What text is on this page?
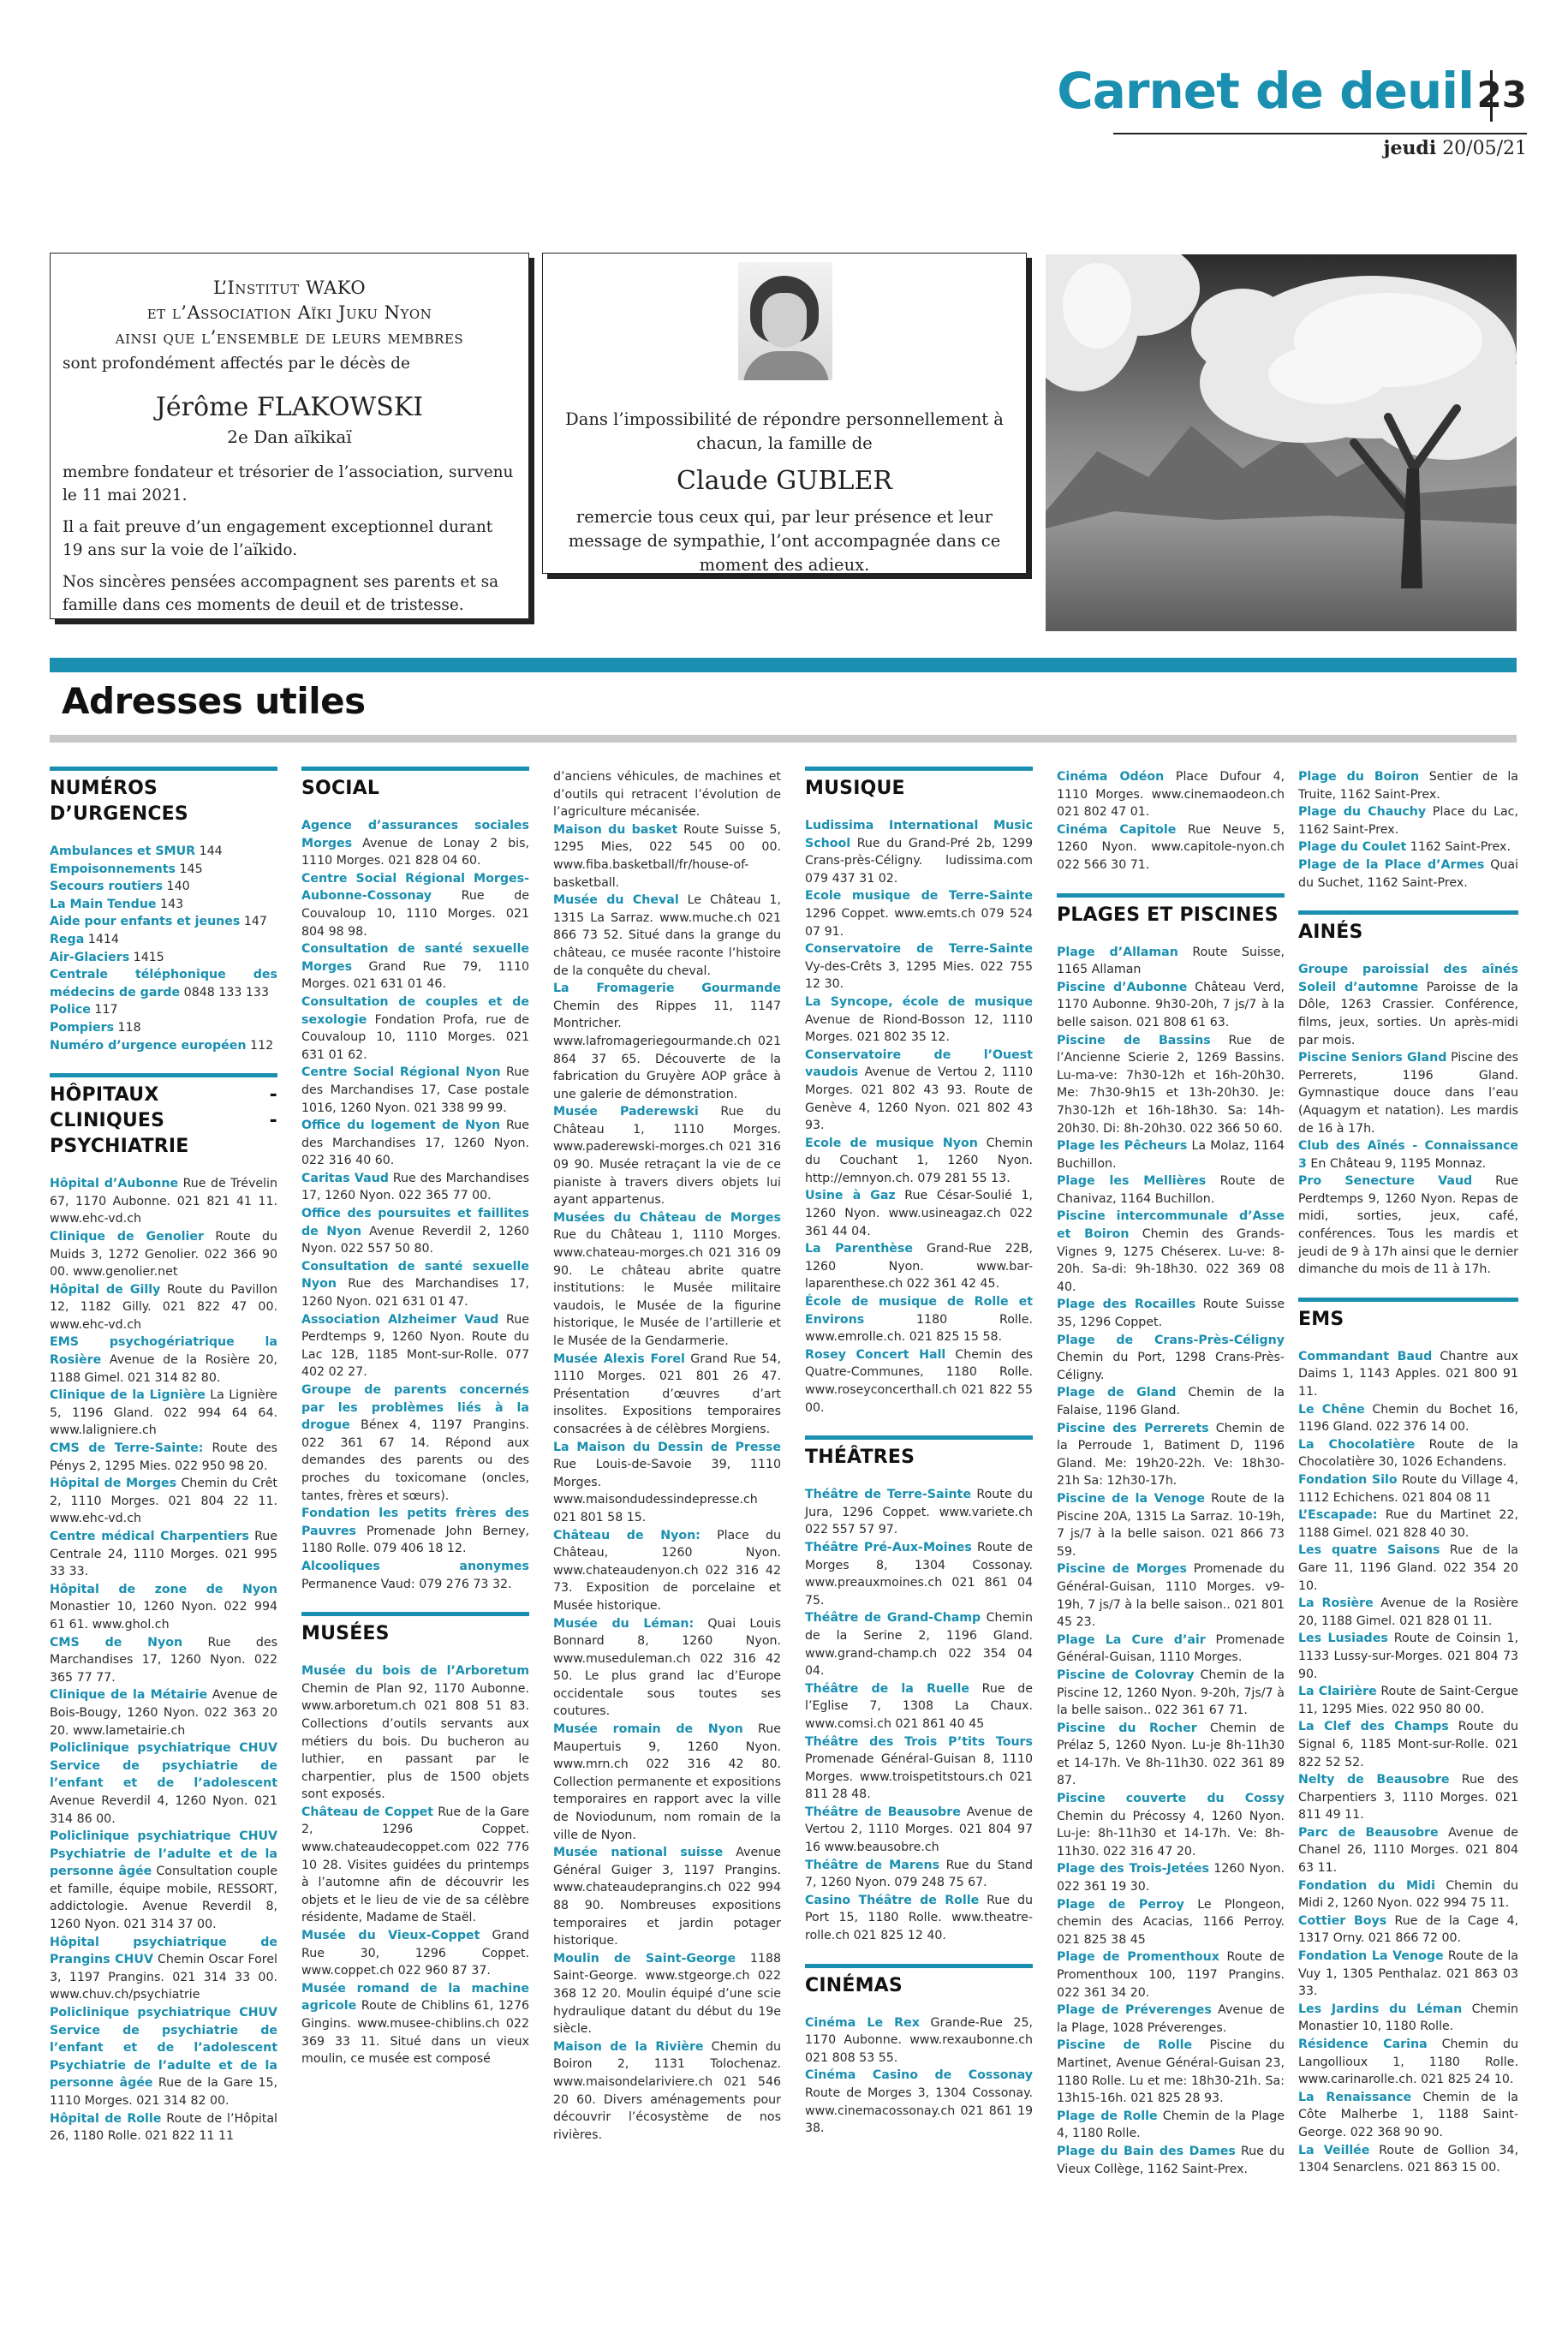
Carnet de deuil 23
jeudi 20/05/21
L’Institut WAKO
et l’Association Aïki Juku Nyon
ainsi que l’ensemble de leurs membres
sont profondément affectés par le décès de
Jérôme FLAKOWSKI
2e Dan aïkikaï

membre fondateur et trésorier de l’association, survenu le 11 mai 2021.

Il a fait preuve d’un engagement exceptionnel durant 19 ans sur la voie de l’aïkido.

Nos sincères pensées accompagnent ses parents et sa famille dans ces moments de deuil et de tristesse.

Dans l’impossibilité de répondre personnellement à chacun, la famille de
Claude GUBLER
remercie tous ceux qui, par leur présence et leur message de sympathie, l’ont accompagnée dans ce moment des adieux.
Adresses utiles
NUMÉROS D’URGENCES

Ambulances et SMUR 144

Empoisonnements 145

Secours routiers 140

La Main Tendue 143

Aide pour enfants et jeunes 147

Rega 1414

Air-Glaciers 1415

Centrale téléphonique des médecins de garde 0848 133 133

Police 117

Pompiers 118

Numéro d’urgence européen 112

HÔPITAUX - CLINIQUES - PSYCHIATRIE

Hôpital d’Aubonne Rue de Trévelin 67, 1170 Aubonne. 021 821 41 11. www.ehc-vd.ch

Clinique de Genolier Route du Muids 3, 1272 Genolier. 022 366 90 00. www.genolier.net

Hôpital de Gilly Route du Pavillon 12, 1182 Gilly. 021 822 47 00. www.ehc-vd.ch

EMS psychogériatrique la Rosière Avenue de la Rosière 20, 1188 Gimel. 021 314 82 80.

Clinique de la Lignière La Lignière 5, 1196 Gland. 022 994 64 64. www.laligniere.ch

CMS de Terre-Sainte: Route des Pénys 2, 1295 Mies. 022 950 98 20.

Hôpital de Morges Chemin du Crêt 2, 1110 Morges. 021 804 22 11. www.ehc-vd.ch

Centre médical Charpentiers Rue Centrale 24, 1110 Morges. 021 995 33 33.

Hôpital de zone de Nyon Monastier 10, 1260 Nyon. 022 994 61 61. www.ghol.ch

CMS de Nyon Rue des Marchandises 17, 1260 Nyon. 022 365 77 77.

Clinique de la Métairie Avenue de Bois-Bougy, 1260 Nyon. 022 363 20 20. www.lametairie.ch

Policlinique psychiatrique CHUV Service de psychiatrie de l’enfant et de l’adolescent Avenue Reverdil 4, 1260 Nyon. 021 314 86 00.

Policlinique psychiatrique CHUV Psychiatrie de l’adulte et de la personne âgée Consultation couple et famille, équipe mobile, RESSORT, addictologie. Avenue Reverdil 8, 1260 Nyon. 021 314 37 00.

Hôpital psychiatrique de Prangins CHUV Chemin Oscar Forel 3, 1197 Prangins. 021 314 33 00. www.chuv.ch/psychiatrie

Policlinique psychiatrique CHUV Service de psychiatrie de l’enfant et de l’adolescent Psychiatrie de l’adulte et de la personne âgée Rue de la Gare 15, 1110 Morges. 021 314 82 00.

Hôpital de Rolle Route de l’Hôpital 26, 1180 Rolle. 021 822 11 11

SOCIAL

Agence d’assurances sociales Morges Avenue de Lonay 2 bis, 1110 Morges. 021 828 04 60.

Centre Social Régional Morges-Aubonne-Cossonay Rue de Couvaloup 10, 1110 Morges. 021 804 98 98.

Consultation de santé sexuelle Morges Grand Rue 79, 1110 Morges. 021 631 01 46.

Consultation de couples et de sexologie Fondation Profa, rue de Couvaloup 10, 1110 Morges. 021 631 01 62.

Centre Social Régional Nyon Rue des Marchandises 17, Case postale 1016, 1260 Nyon. 021 338 99 99.

Office du logement de Nyon Rue des Marchandises 17, 1260 Nyon. 022 316 40 60.

Caritas Vaud Rue des Marchandises 17, 1260 Nyon. 022 365 77 00.

Office des poursuites et faillites de Nyon Avenue Reverdil 2, 1260 Nyon. 022 557 50 80.

Consultation de santé sexuelle Nyon Rue des Marchandises 17, 1260 Nyon. 021 631 01 47.

Association Alzheimer Vaud Rue Perdtemps 9, 1260 Nyon. Route du Lac 12B, 1185 Mont-sur-Rolle. 077 402 02 27.

Groupe de parents concernés par les problèmes liés à la drogue Bénex 4, 1197 Prangins. 022 361 67 14. Répond aux demandes des parents ou des proches du toxicomane (oncles, tantes, frères et sœurs).

Fondation les petits frères des Pauvres Promenade John Berney, 1180 Rolle. 079 406 18 12.

Alcooliques anonymes Permanence Vaud: 079 276 73 32.

MUSÉES

Musée du bois de l’Arboretum Chemin de Plan 92, 1170 Aubonne. www.arboretum.ch 021 808 51 83. Collections d’outils servants aux métiers du bois. Du bucheron au luthier, en passant par le charpentier, plus de 1500 objets sont exposés.

Château de Coppet Rue de la Gare 2, 1296 Coppet. www.chateaudecoppet.com 022 776 10 28. Visites guidées du printemps à l’automne afin de découvrir les objets et le lieu de vie de sa célèbre résidente, Madame de Staël.

Musée du Vieux-Coppet Grand Rue 30, 1296 Coppet. www.coppet.ch 022 960 87 37.

Musée romand de la machine agricole Route de Chiblins 61, 1276 Gingins. www.musee-chiblins.ch 022 369 33 11. Situé dans un vieux moulin, ce musée est composé

d’anciens véhicules, de machines et d’outils qui retracent l’évolution de l’agriculture mécanisée.

Maison du basket Route Suisse 5, 1295 Mies, 022 545 00 00. www.fiba.basketball/fr/house-of-basketball.

Musée du Cheval Le Château 1, 1315 La Sarraz. www.muche.ch 021 866 73 52. Situé dans la grange du château, ce musée raconte l’histoire de la conquête du cheval.

La Fromagerie Gourmande Chemin des Rippes 11, 1147 Montricher. www.lafromageriegourmande.ch 021 864 37 65. Découverte de la fabrication du Gruyère AOP grâce à une galerie de démonstration.

Musée Paderewski Rue du Château 1, 1110 Morges. www.paderewski-morges.ch 021 316 09 90. Musée retraçant la vie de ce pianiste à travers divers objets lui ayant appartenus.

Musées du Château de Morges Rue du Château 1, 1110 Morges. www.chateau-morges.ch 021 316 09 90. Le château abrite quatre institutions: le Musée militaire vaudois, le Musée de la figurine historique, le Musée de l’artillerie et le Musée de la Gendarmerie.

Musée Alexis Forel Grand Rue 54, 1110 Morges. 021 801 26 47. Présentation d’œuvres d’art insolites. Expositions temporaires consacrées à de célèbres Morgiens.

La Maison du Dessin de Presse Rue Louis-de-Savoie 39, 1110 Morges. www.maisondudessindepresse.ch 021 801 58 15.

Château de Nyon: Place du Château, 1260 Nyon. www.chateaudenyon.ch 022 316 42 73. Exposition de porcelaine et Musée historique.

Musée du Léman: Quai Louis Bonnard 8, 1260 Nyon. www.museduleman.ch 022 316 42 50. Le plus grand lac d’Europe occidentale sous toutes ses coutures.

Musée romain de Nyon Rue Maupertuis 9, 1260 Nyon. www.mrn.ch 022 316 42 80. Collection permanente et expositions temporaires en rapport avec la ville de Noviodunum, nom romain de la ville de Nyon.

Musée national suisse Avenue Général Guiger 3, 1197 Prangins. www.chateaudeprangins.ch 022 994 88 90. Nombreuses expositions temporaires et jardin potager historique.

Moulin de Saint-George 1188 Saint-George. www.stgeorge.ch 022 368 12 20. Moulin équipé d’une scie hydraulique datant du début du 19e siècle.

Maison de la Rivière Chemin du Boiron 2, 1131 Tolochenaz. www.maisondelariviere.ch 021 546 20 60. Divers aménagements pour découvrir l’écosystème de nos rivières.

MUSIQUE

Ludissima International Music School Rue du Grand-Pré 2b, 1299 Crans-près-Céligny. ludissima.com 079 437 31 02.

Ecole musique de Terre-Sainte 1296 Coppet. www.emts.ch 079 524 07 91.

Conservatoire de Terre-Sainte Vy-des-Crêts 3, 1295 Mies. 022 755 12 30.

La Syncope, école de musique Avenue de Riond-Bosson 12, 1110 Morges. 021 802 35 12.

Conservatoire de l’Ouest vaudois Avenue de Vertou 2, 1110 Morges. 021 802 43 93. Route de Genève 4, 1260 Nyon. 021 802 43 93.

Ecole de musique Nyon Chemin du Couchant 1, 1260 Nyon. http://emnyon.ch. 079 281 55 13.

Usine à Gaz Rue César-Soulié 1, 1260 Nyon. www.usineagaz.ch 022 361 44 04.

La Parenthèse Grand-Rue 22B, 1260 Nyon. www.bar-laparenthese.ch 022 361 42 45.

École de musique de Rolle et Environs 1180 Rolle. www.emrolle.ch. 021 825 15 58.

Rosey Concert Hall Chemin des Quatre-Communes, 1180 Rolle. www.roseyconcerthall.ch 021 822 55 00.

THÉÂTRES

Théâtre de Terre-Sainte Route du Jura, 1296 Coppet. www.variete.ch 022 557 57 97.

Théâtre Pré-Aux-Moines Route de Morges 8, 1304 Cossonay. www.preauxmoines.ch 021 861 04 75.

Théâtre de Grand-Champ Chemin de la Serine 2, 1196 Gland. www.grand-champ.ch 022 354 04 04.

Théâtre de la Ruelle Rue de l’Eglise 7, 1308 La Chaux. www.comsi.ch 021 861 40 45

Théâtre des Trois P’tits Tours Promenade Général-Guisan 8, 1110 Morges. www.troispetitstours.ch 021 811 28 48.

Théâtre de Beausobre Avenue de Vertou 2, 1110 Morges. 021 804 97 16 www.beausobre.ch

Théâtre de Marens Rue du Stand 7, 1260 Nyon. 079 248 75 67.

Casino Théâtre de Rolle Rue du Port 15, 1180 Rolle. www.theatre-rolle.ch 021 825 12 40.

CINÉMAS

Cinéma Le Rex Grande-Rue 25, 1170 Aubonne. www.rexaubonne.ch 021 808 53 55.

Cinéma Casino de Cossonay Route de Morges 3, 1304 Cossonay. www.cinemacossonay.ch 021 861 19 38.

Cinéma Odéon Place Dufour 4, 1110 Morges. www.cinemaodeon.ch 021 802 47 01.

Cinéma Capitole Rue Neuve 5, 1260 Nyon. www.capitole-nyon.ch 022 566 30 71.

PLAGES ET PISCINES

Plage d’Allaman Route Suisse, 1165 Allaman

Piscine d’Aubonne Château Verd, 1170 Aubonne. 9h30-20h, 7 js/7 à la belle saison. 021 808 61 63.

Piscine de Bassins Rue de l’Ancienne Scierie 2, 1269 Bassins. Lu-ma-ve: 7h30-12h et 16h-20h30. Me: 7h30-9h15 et 13h-20h30. Je: 7h30-12h et 16h-18h30. Sa: 14h-20h30. Di: 8h-20h30. 022 366 50 60.

Plage les Pêcheurs La Molaz, 1164 Buchillon.

Plage les Mellières Route de Chanivaz, 1164 Buchillon.

Piscine intercommunale d’Asse et Boiron Chemin des Grands-Vignes 9, 1275 Chéserex. Lu-ve: 8-20h. Sa-di: 9h-18h30. 022 369 08 40.

Plage des Rocailles Route Suisse 35, 1296 Coppet.

Plage de Crans-Près-Céligny Chemin du Port, 1298 Crans-Près-Céligny.

Plage de Gland Chemin de la Falaise, 1196 Gland.

Piscine des Perrerets Chemin de la Perroude 1, Batiment D, 1196 Gland. Me: 19h20-22h. Ve: 18h30-21h Sa: 12h30-17h.

Piscine de la Venoge Route de la Piscine 20A, 1315 La Sarraz. 10-19h, 7 js/7 à la belle saison. 021 866 73 59.

Piscine de Morges Promenade du Général-Guisan, 1110 Morges. v9-19h, 7 js/7 à la belle saison.. 021 801 45 23.

Plage La Cure d’air Promenade Général-Guisan, 1110 Morges.

Piscine de Colovray Chemin de la Piscine 12, 1260 Nyon. 9-20h, 7js/7 à la belle saison.. 022 361 67 71.

Piscine du Rocher Chemin de Prélaz 5, 1260 Nyon. Lu-je 8h-11h30 et 14-17h. Ve 8h-11h30. 022 361 89 87.

Piscine couverte du Cossy Chemin du Précossy 4, 1260 Nyon. Lu-je: 8h-11h30 et 14-17h. Ve: 8h-11h30. 022 316 47 20.

Plage des Trois-Jetées 1260 Nyon. 022 361 19 30.

Plage de Perroy Le Plongeon, chemin des Acacias, 1166 Perroy. 021 825 38 45

Plage de Promenthoux Route de Promenthoux 100, 1197 Prangins. 022 361 34 20.

Plage de Préverenges Avenue de la Plage, 1028 Préverenges.

Piscine de Rolle Piscine du Martinet, Avenue Général-Guisan 23, 1180 Rolle. Lu et me: 18h30-21h. Sa: 13h15-16h. 021 825 28 93.

Plage de Rolle Chemin de la Plage 4, 1180 Rolle.

Plage du Bain des Dames Rue du Vieux Collège, 1162 Saint-Prex.

Plage du Boiron Sentier de la Truite, 1162 Saint-Prex.

Plage du Chauchy Place du Lac, 1162 Saint-Prex.

Plage du Coulet 1162 Saint-Prex.

Plage de la Place d’Armes Quai du Suchet, 1162 Saint-Prex.

AINÉS

Groupe paroissial des aînés Soleil d’automne Paroisse de la Dôle, 1263 Crassier. Conférence, films, jeux, sorties. Un après-midi par mois.

Piscine Seniors Gland Piscine des Perrerets, 1196 Gland. Gymnastique douce dans l’eau (Aquagym et natation). Les mardis de 16 à 17h.

Club des Aînés - Connaissance 3 En Château 9, 1195 Monnaz.

Pro Senecture Vaud Rue Perdtemps 9, 1260 Nyon. Repas de midi, sorties, jeux, café, conférences. Tous les mardis et jeudi de 9 à 17h ainsi que le dernier dimanche du mois de 11 à 17h.

EMS

Commandant Baud Chantre aux Daims 1, 1143 Apples. 021 800 91 11.

Le Chêne Chemin du Bochet 16, 1196 Gland. 022 376 14 00.

La Chocolatière Route de la Chocolatière 30, 1026 Echandens.

Fondation Silo Route du Village 4, 1112 Echichens. 021 804 08 11

L’Escapade: Rue du Martinet 22, 1188 Gimel. 021 828 40 30.

Les quatre Saisons Rue de la Gare 11, 1196 Gland. 022 354 20 10.

La Rosière Avenue de la Rosière 20, 1188 Gimel. 021 828 01 11.

Les Lusiades Route de Coinsin 1, 1133 Lussy-sur-Morges. 021 804 73 90.

La Clairière Route de Saint-Cergue 11, 1295 Mies. 022 950 80 00.

La Clef des Champs Route du Signal 6, 1185 Mont-sur-Rolle. 021 822 52 52.

Nelty de Beausobre Rue des Charpentiers 3, 1110 Morges. 021 811 49 11.

Parc de Beausobre Avenue de Chanel 26, 1110 Morges. 021 804 63 11.

Fondation du Midi Chemin du Midi 2, 1260 Nyon. 022 994 75 11.

Cottier Boys Rue de la Cage 4, 1317 Orny. 021 866 72 00.

Fondation La Venoge Route de la Vuy 1, 1305 Penthalaz. 021 863 03 33.

Les Jardins du Léman Chemin Monastier 10, 1180 Rolle.

Résidence Carina Chemin du Langolliouх 1, 1180 Rolle. www.carinarolle.ch. 021 825 24 10.

La Renaissance Chemin de la Côte Malherbe 1, 1188 Saint-George. 022 368 90 90.

La Veillée Route de Gollion 34, 1304 Senarclens. 021 863 15 00.
